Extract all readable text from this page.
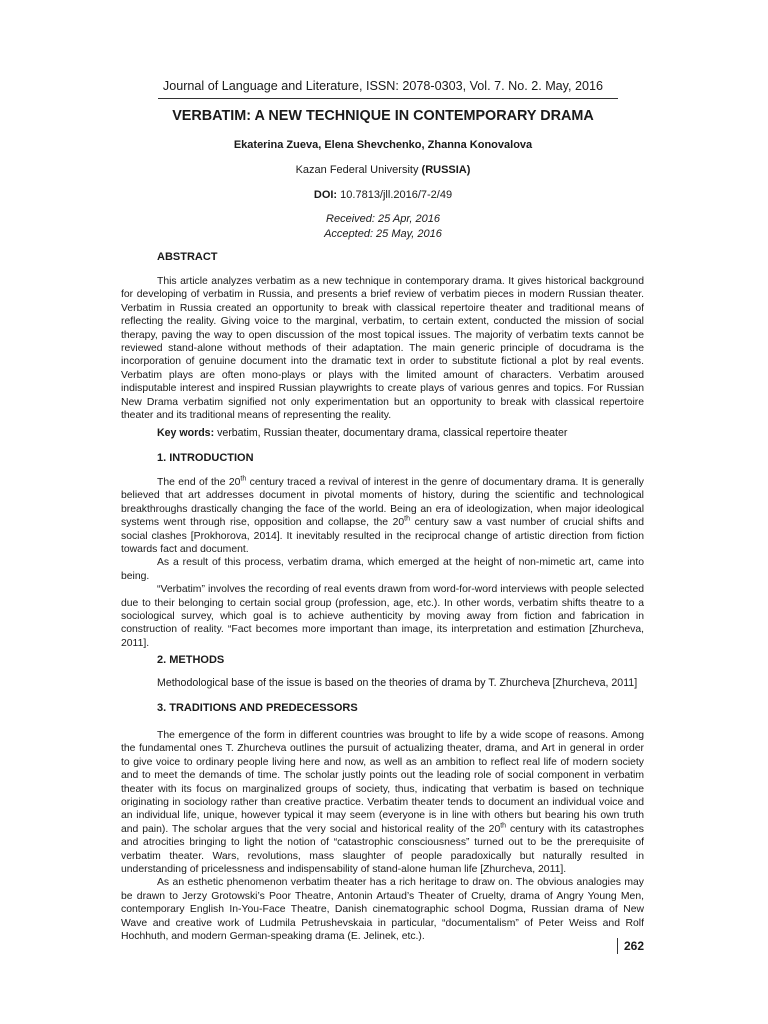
Journal of Language and Literature, ISSN: 2078-0303, Vol. 7. No. 2. May, 2016
VERBATIM: A NEW TECHNIQUE IN CONTEMPORARY DRAMA
Ekaterina Zueva, Elena Shevchenko, Zhanna Konovalova
Kazan Federal University (RUSSIA)
DOI: 10.7813/jll.2016/7-2/49
Received: 25 Apr, 2016
Accepted: 25 May, 2016
ABSTRACT

This article analyzes verbatim as a new technique in contemporary drama. It gives historical background for developing of verbatim in Russia, and presents a brief review of verbatim pieces in modern Russian theater. Verbatim in Russia created an opportunity to break with classical repertoire theater and traditional means of reflecting the reality. Giving voice to the marginal, verbatim, to certain extent, conducted the mission of social therapy, paving the way to open discussion of the most topical issues. The majority of verbatim texts cannot be reviewed stand-alone without methods of their adaptation. The main generic principle of docudrama is the incorporation of genuine document into the dramatic text in order to substitute fictional a plot by real events. Verbatim plays are often mono-plays or plays with the limited amount of characters. Verbatim aroused indisputable interest and inspired Russian playwrights to create plays of various genres and topics. For Russian New Drama verbatim signified not only experimentation but an opportunity to break with classical repertoire theater and its traditional means of representing the reality.

Key words: verbatim, Russian theater, documentary drama, classical repertoire theater
1. INTRODUCTION

The end of the 20th century traced a revival of interest in the genre of documentary drama. It is generally believed that art addresses document in pivotal moments of history, during the scientific and technological breakthroughs drastically changing the face of the world. Being an era of ideologization, when major ideological systems went through rise, opposition and collapse, the 20th century saw a vast number of crucial shifts and social clashes [Prokhorova, 2014]. It inevitably resulted in the reciprocal change of artistic direction from fiction towards fact and document.

As a result of this process, verbatim drama, which emerged at the height of non-mimetic art, came into being.

“Verbatim” involves the recording of real events drawn from word-for-word interviews with people selected due to their belonging to certain social group (profession, age, etc.). In other words, verbatim shifts theatre to a sociological survey, which goal is to achieve authenticity by moving away from fiction and fabrication in construction of reality. “Fact becomes more important than image, its interpretation and estimation [Zhurcheva, 2011].

2. METHODS
Methodological base of the issue is based on the theories of drama by T. Zhurcheva [Zhurcheva, 2011]
3. TRADITIONS AND PREDECESSORS

The emergence of the form in different countries was brought to life by a wide scope of reasons. Among the fundamental ones T. Zhurcheva outlines the pursuit of actualizing theater, drama, and Art in general in order to give voice to ordinary people living here and now, as well as an ambition to reflect real life of modern society and to meet the demands of time. The scholar justly points out the leading role of social component in verbatim theater with its focus on marginalized groups of society, thus, indicating that verbatim is based on technique originating in sociology rather than creative practice. Verbatim theater tends to document an individual voice and an individual life, unique, however typical it may seem (everyone is in line with others but bearing his own truth and pain). The scholar argues that the very social and historical reality of the 20th century with its catastrophes and atrocities bringing to light the notion of “catastrophic consciousness” turned out to be the prerequisite of verbatim theater. Wars, revolutions, mass slaughter of people paradoxically but naturally resulted in understanding of pricelessness and indispensability of stand-alone human life [Zhurcheva, 2011].

As an esthetic phenomenon verbatim theater has a rich heritage to draw on. The obvious analogies may be drawn to Jerzy Grotowski’s Poor Theatre, Antonin Artaud’s Theater of Cruelty, drama of Angry Young Men, contemporary English In-You-Face Theatre, Danish cinematographic school Dogma, Russian drama of New Wave and creative work of Ludmila Petrushevskaia in particular, “documentalism” of Peter Weiss and Rolf Hochhuth, and modern German-speaking drama (E. Jelinek, etc.).

262
